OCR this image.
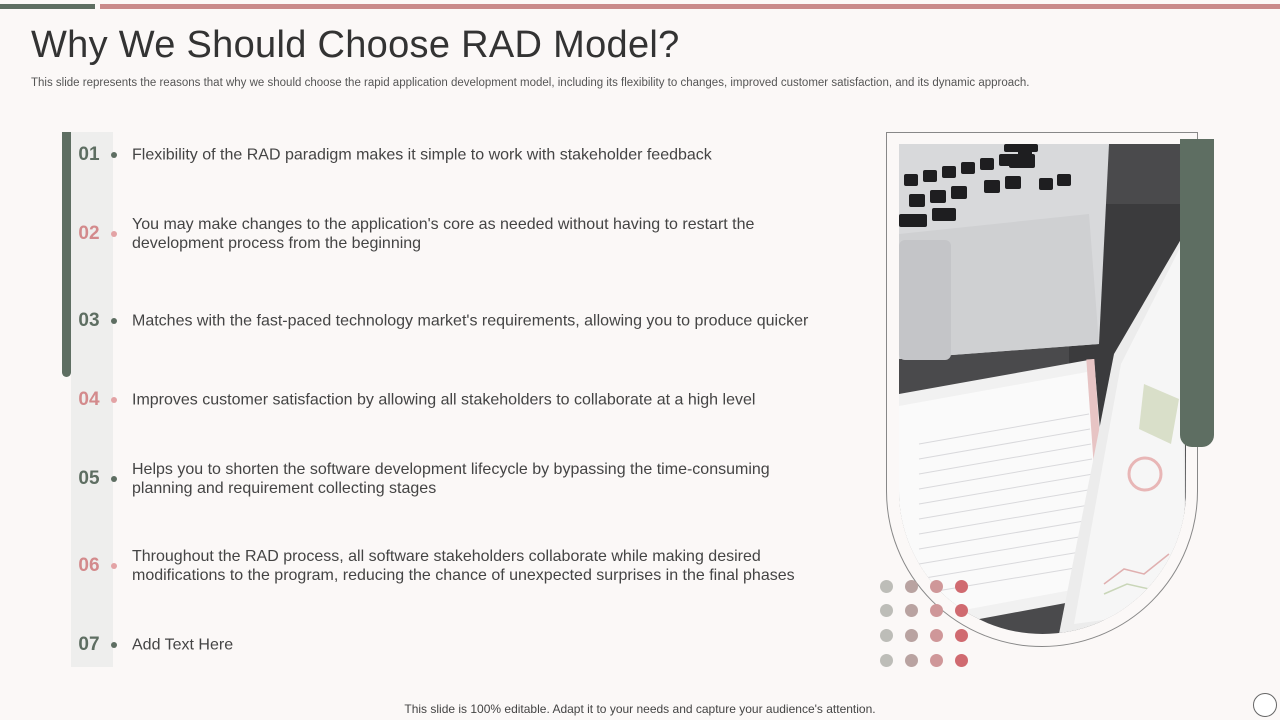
Why We Should Choose RAD Model?

This slide represents the reasons that why we should choose the rapid application development model, including its flexibility to changes, improved customer satisfaction, and its dynamic approach.

01	Flexibility of the RAD paradigm makes it simple to work with stakeholder feedback
02	You may make changes to the application's core as needed without having to restart the development process from the beginning
03	Matches with the fast-paced technology market's requirements, allowing you to produce quicker
04	Improves customer satisfaction by allowing all stakeholders to collaborate at a high level
05	Helps you to shorten the software development lifecycle by bypassing the time-consuming planning and requirement collecting stages
06	Throughout the RAD process, all software stakeholders collaborate while making desired modifications to the program, reducing the chance of unexpected surprises in the final phases
07	Add Text Here
This slide is 100% editable. Adapt it to your needs and capture your audience's attention.
